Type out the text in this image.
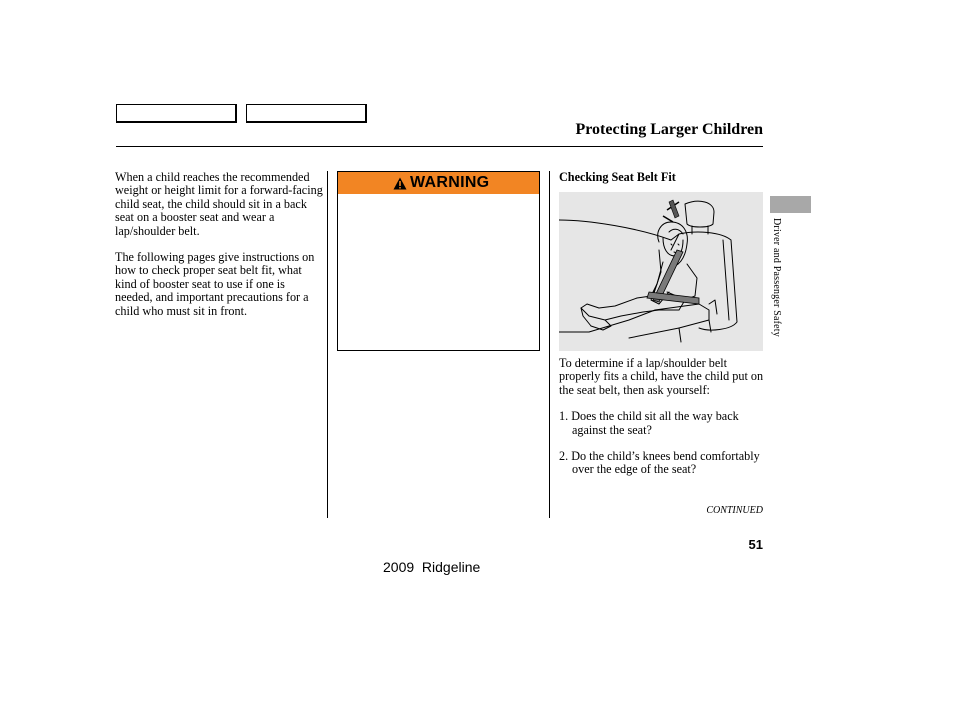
Protecting Larger Children

When a child reaches the recommended weight or height limit for a forward-facing child seat, the child should sit in a back seat on a booster seat and wear a lap/shoulder belt.

The following pages give instructions on how to check proper seat belt fit, what kind of booster seat to use if one is needed, and important precautions for a child who must sit in front.

WARNING	Checking Seat Belt Fit

To determine if a lap/shoulder belt properly fits a child, have the child put on the seat belt, then ask yourself:

1. Does the child sit all the way back against the seat?
2. Do the child’s knees bend comfortably over the edge of the seat?
CONTINUED
51
2009  Ridgeline
Driver and Passenger Safety
